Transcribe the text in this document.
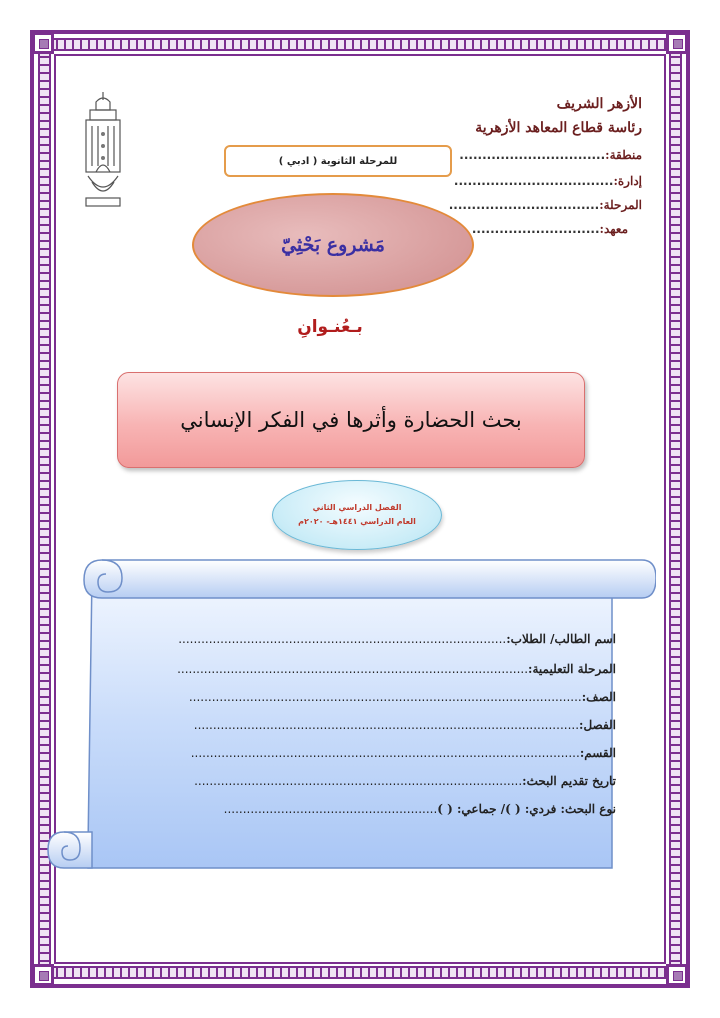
الأزهر الشريف
رئاسة قطاع المعاهد الأزهرية
منطقة:................................
إدارة:...................................
المرحلة:.................................
معهد:............................
للمرحلة الثانوية ( ادبي )
مَشروع بَحْثِيّ
بـعُنـوانِ
بحث الحضارة وأثرها في الفكر الإنساني
الفصل الدراسي الثاني
العام الدراسي ١٤٤١هـ- ٢٠٢٠م
اسم الطالب/ الطلاب:......................................................................................
المرحلة التعليمية:............................................................................................
الصف:.......................................................................................................
الفصل:.....................................................................................................
القسم:......................................................................................................
تاريخ تقديم البحث:......................................................................................
نوع البحث: فردي: ( )/ جماعي: ( )........................................................
